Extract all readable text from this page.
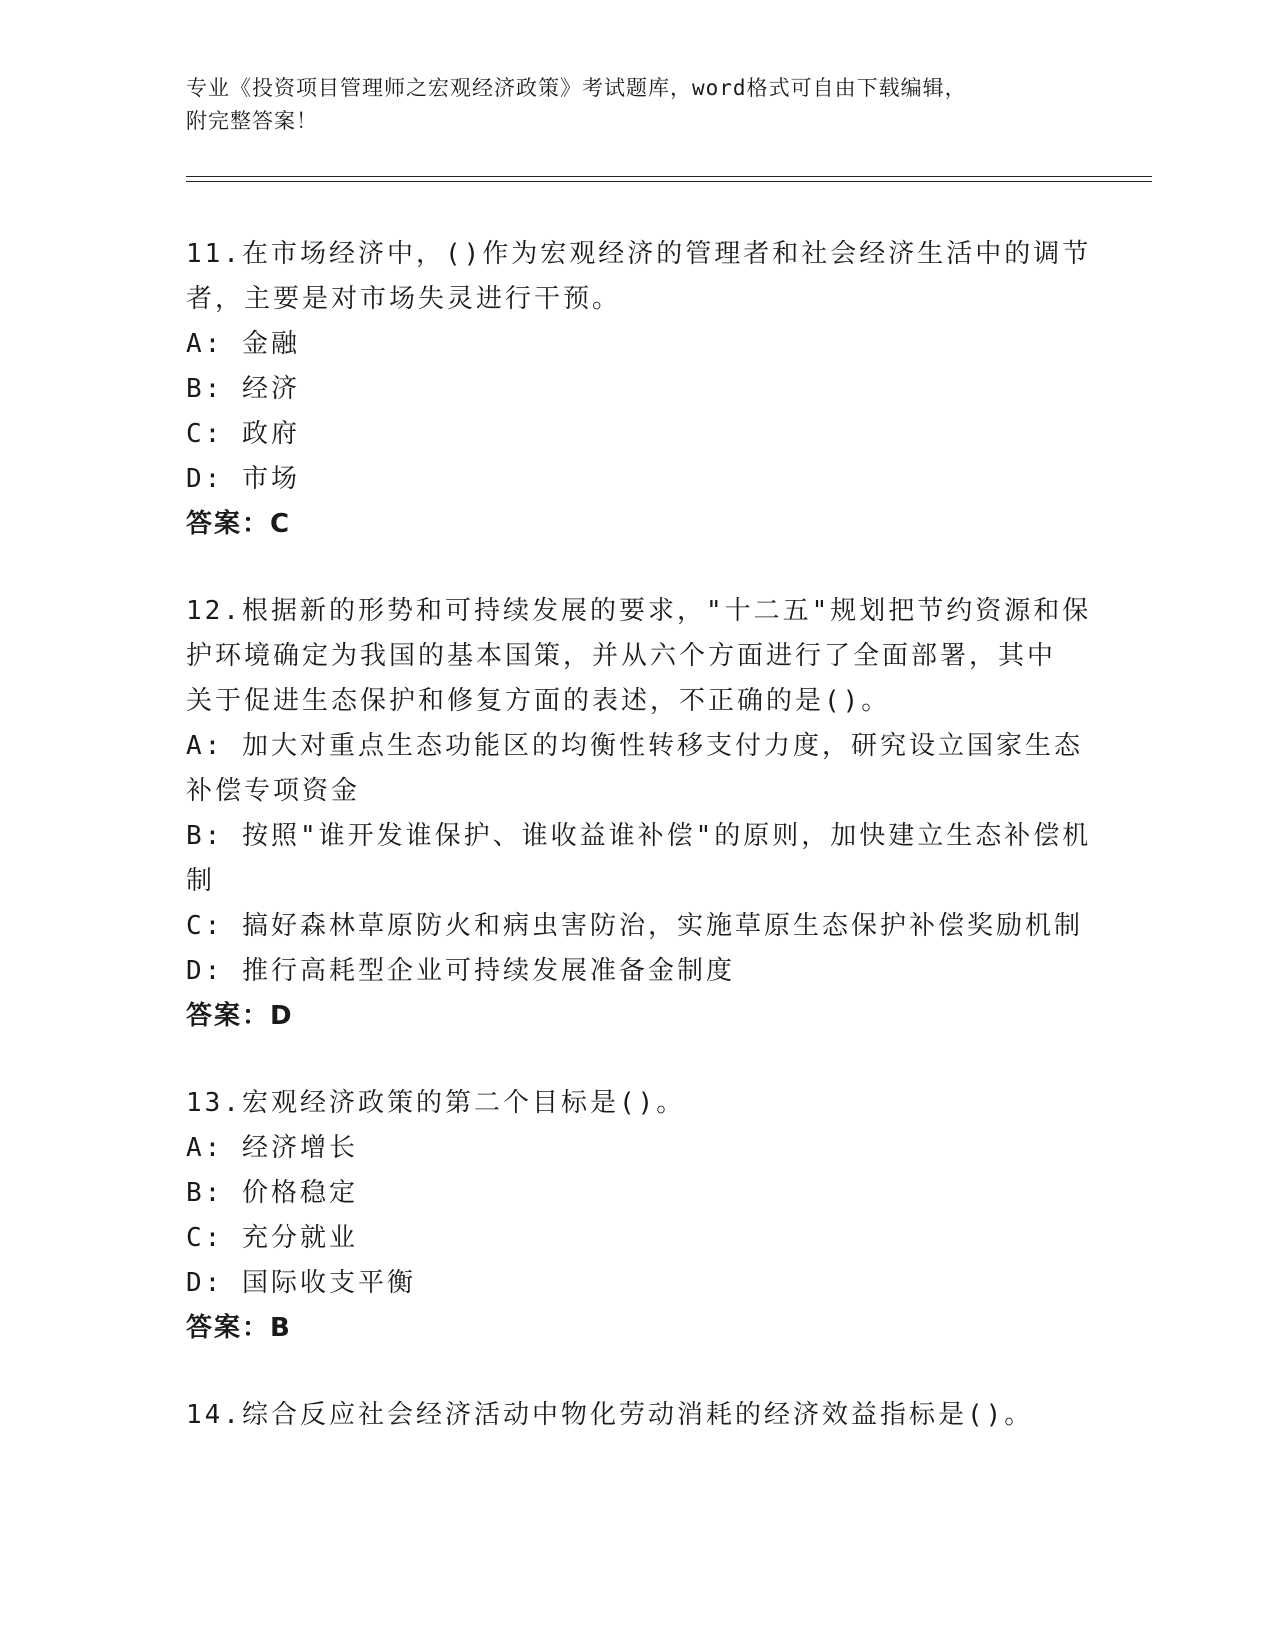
专业《投资项目管理师之宏观经济政策》考试题库，word格式可自由下载编辑，

附完整答案！

11.在市场经济中，()作为宏观经济的管理者和社会经济生活中的调节

者，主要是对市场失灵进行干预。

A: 金融

B: 经济

C: 政府

D: 市场

答案：C

12.根据新的形势和可持续发展的要求，"十二五"规划把节约资源和保

护环境确定为我国的基本国策，并从六个方面进行了全面部署，其中

关于促进生态保护和修复方面的表述，不正确的是()。

A: 加大对重点生态功能区的均衡性转移支付力度，研究设立国家生态

补偿专项资金

B: 按照"谁开发谁保护、谁收益谁补偿"的原则，加快建立生态补偿机

制

C: 搞好森林草原防火和病虫害防治，实施草原生态保护补偿奖励机制

D: 推行高耗型企业可持续发展准备金制度

答案：D

13.宏观经济政策的第二个目标是()。

A: 经济增长

B: 价格稳定

C: 充分就业

D: 国际收支平衡

答案：B

14.综合反应社会经济活动中物化劳动消耗的经济效益指标是()。
